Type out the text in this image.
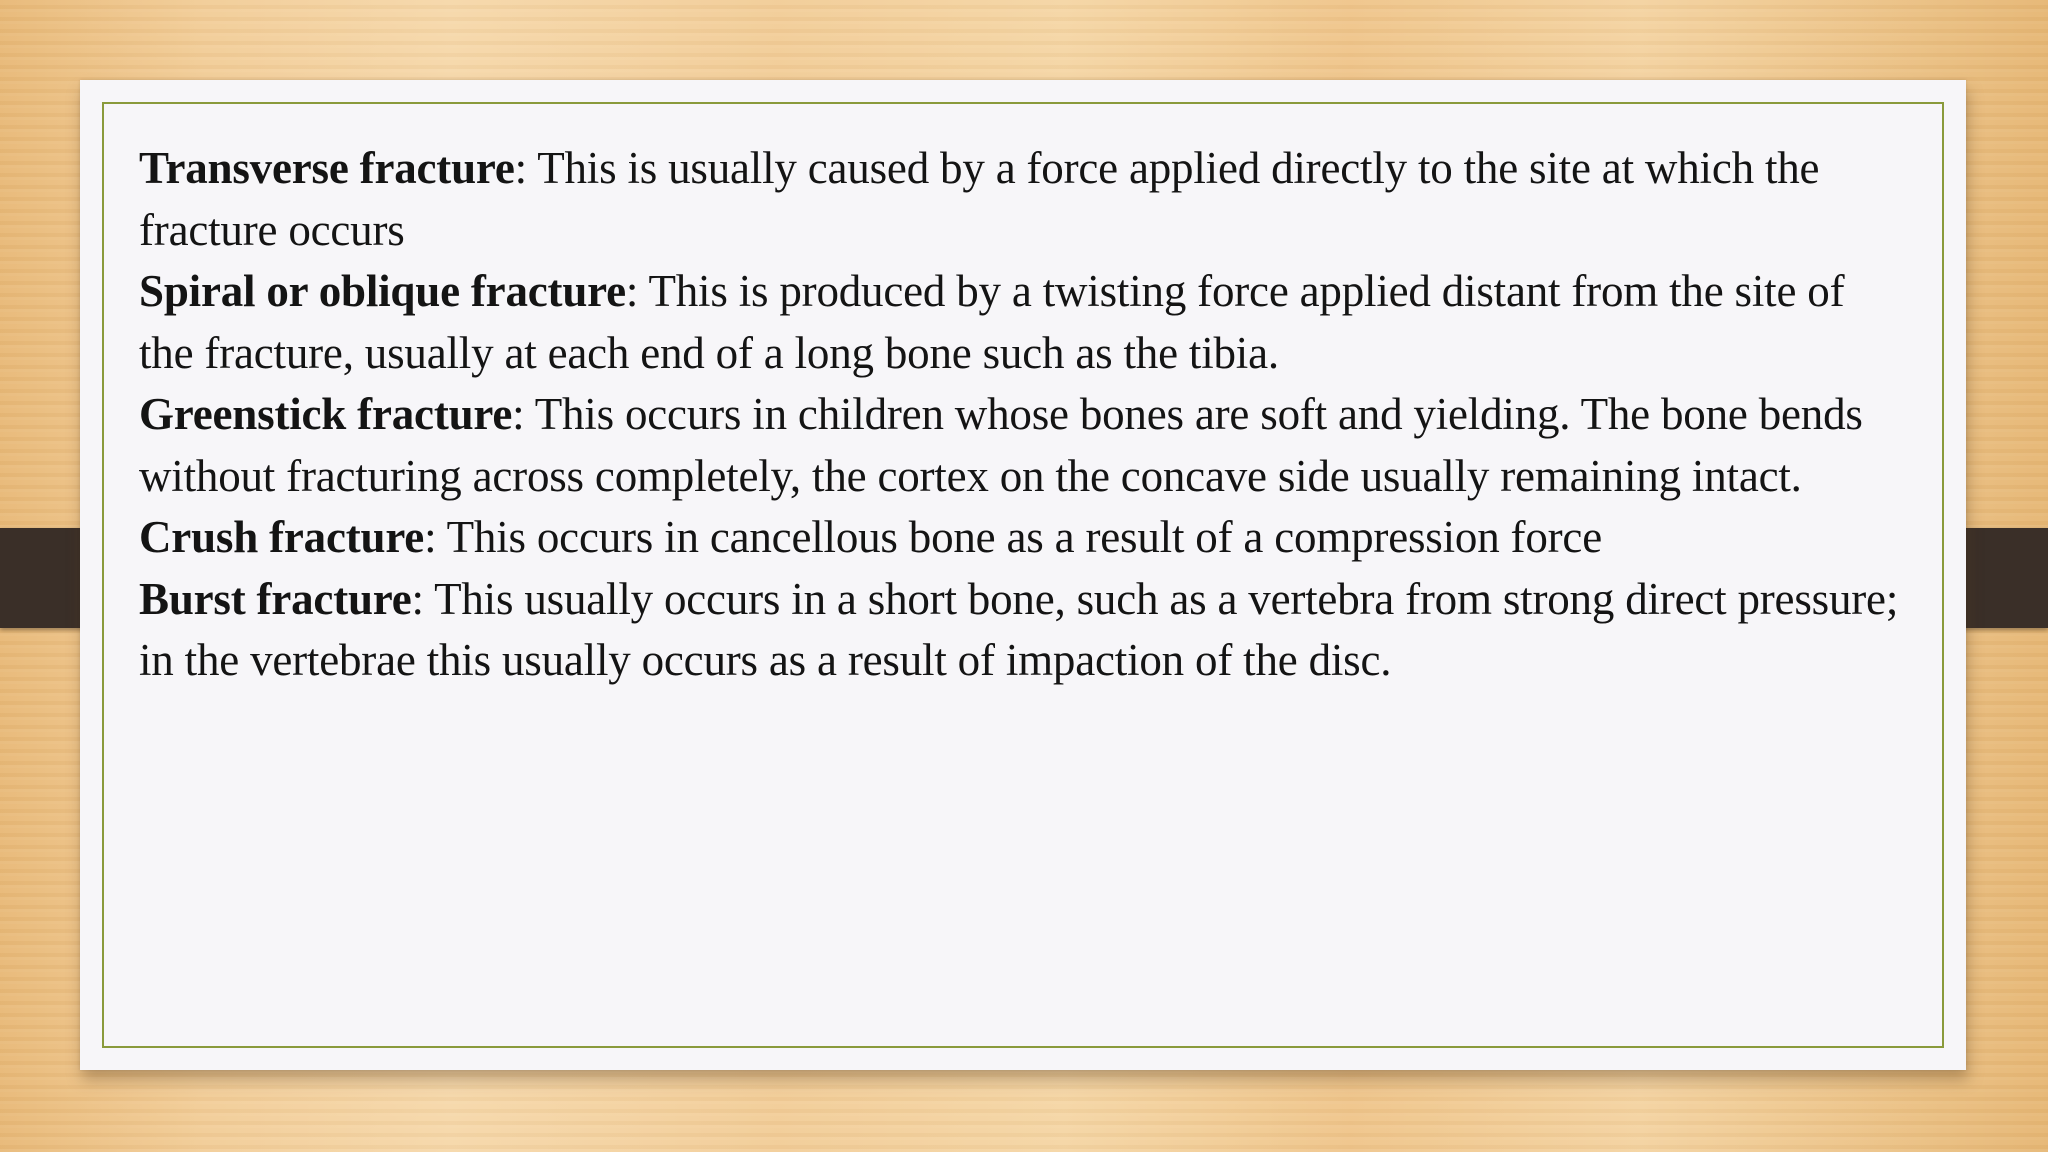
Transverse fracture: This is usually caused by a force applied directly to the site at which the fracture occurs

Spiral or oblique fracture: This is produced by a twisting force applied distant from the site of the fracture, usually at each end of a long bone such as the tibia.

Greenstick fracture: This occurs in children whose bones are soft and yielding. The bone bends without fracturing across completely, the cortex on the concave side usually remaining intact.

Crush fracture: This occurs in cancellous bone as a result of a compression force

Burst fracture: This usually occurs in a short bone, such as a vertebra from strong direct pressure; in the vertebrae this usually occurs as a result of impaction of the disc.
